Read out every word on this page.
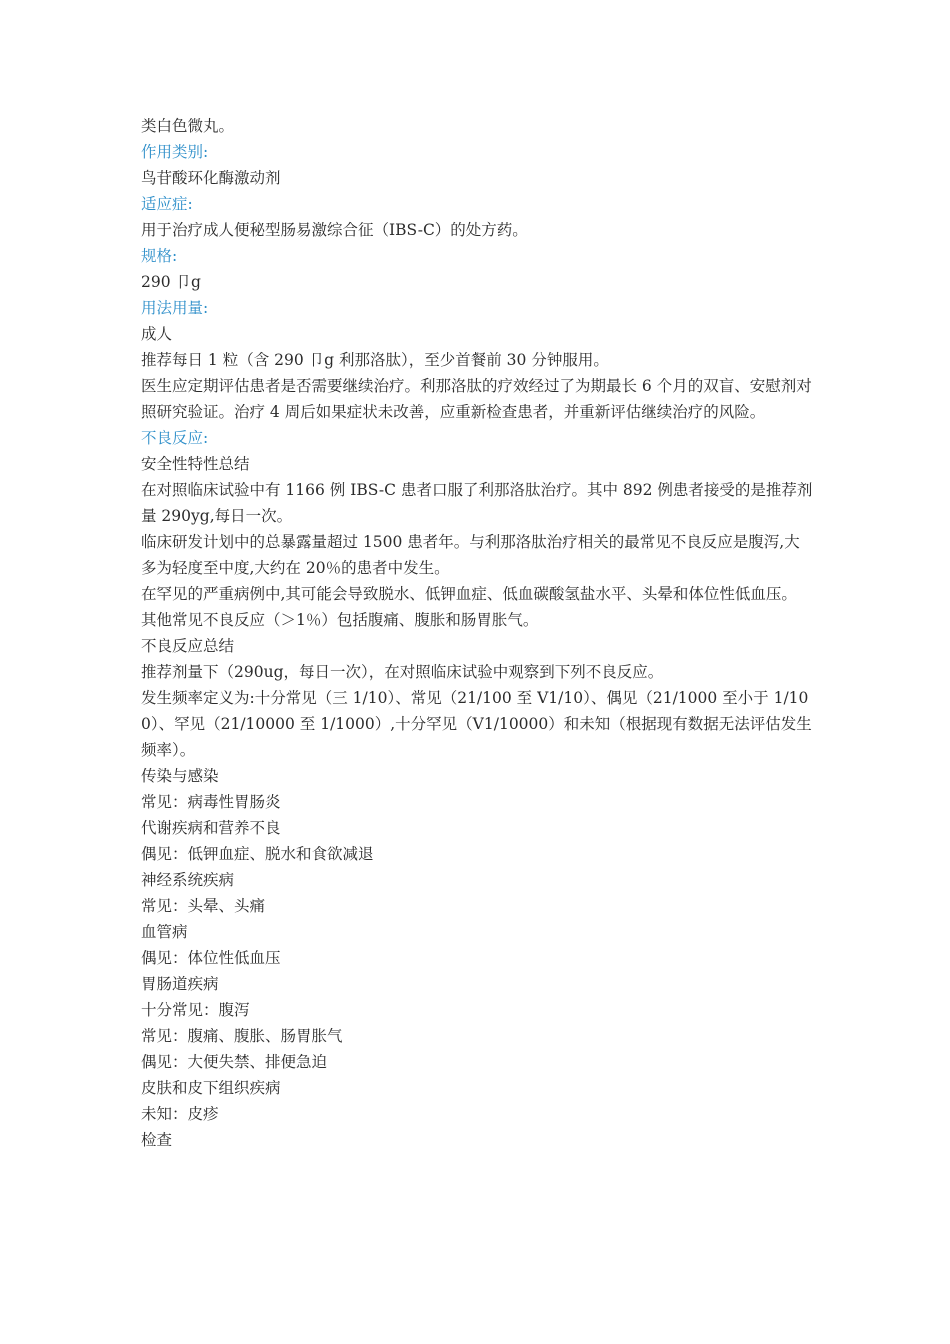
类白色微丸。

作用类别:

鸟苷酸环化酶激动剂

适应症:

用于治疗成人便秘型肠易激综合征（IBS-C）的处方药。

规格:

290 卩g

用法用量:

成人

推荐每日 1 粒（含 290 卩g 利那洛肽），至少首餐前 30 分钟服用。

医生应定期评估患者是否需要继续治疗。利那洛肽的疗效经过了为期最长 6 个月的双盲、安慰剂对照研究验证。治疗 4 周后如果症状未改善，应重新检查患者，并重新评估继续治疗的风险。

不良反应:

安全性特性总结

在对照临床试验中有 1166 例 IBS-C 患者口服了利那洛肽治疗。其中 892 例患者接受的是推荐剂量 290yg,每日一次。

临床研发计划中的总暴露量超过 1500 患者年。与利那洛肽治疗相关的最常见不良反应是腹泻,大多为轻度至中度,大约在 20％的患者中发生。

在罕见的严重病例中,其可能会导致脱水、低钾血症、低血碳酸氢盐水平、头晕和体位性低血压。

其他常见不良反应（＞1％）包括腹痛、腹胀和肠胃胀气。

不良反应总结

推荐剂量下（290ug，每日一次），在对照临床试验中观察到下列不良反应。

发生频率定义为:十分常见（三 1/10）、常见（21/100 至 V1/10）、偶见（21/1000 至小于 1/100）、罕见（21/10000 至 1/1000）,十分罕见（V1/10000）和未知（根据现有数据无法评估发生频率）。

传染与感染

常见：病毒性胃肠炎

代谢疾病和营养不良

偶见：低钾血症、脱水和食欲减退

神经系统疾病

常见：头晕、头痛

血管病

偶见：体位性低血压

胃肠道疾病

十分常见：腹泻

常见：腹痛、腹胀、肠胃胀气

偶见：大便失禁、排便急迫

皮肤和皮下组织疾病

未知：皮疹

检查
